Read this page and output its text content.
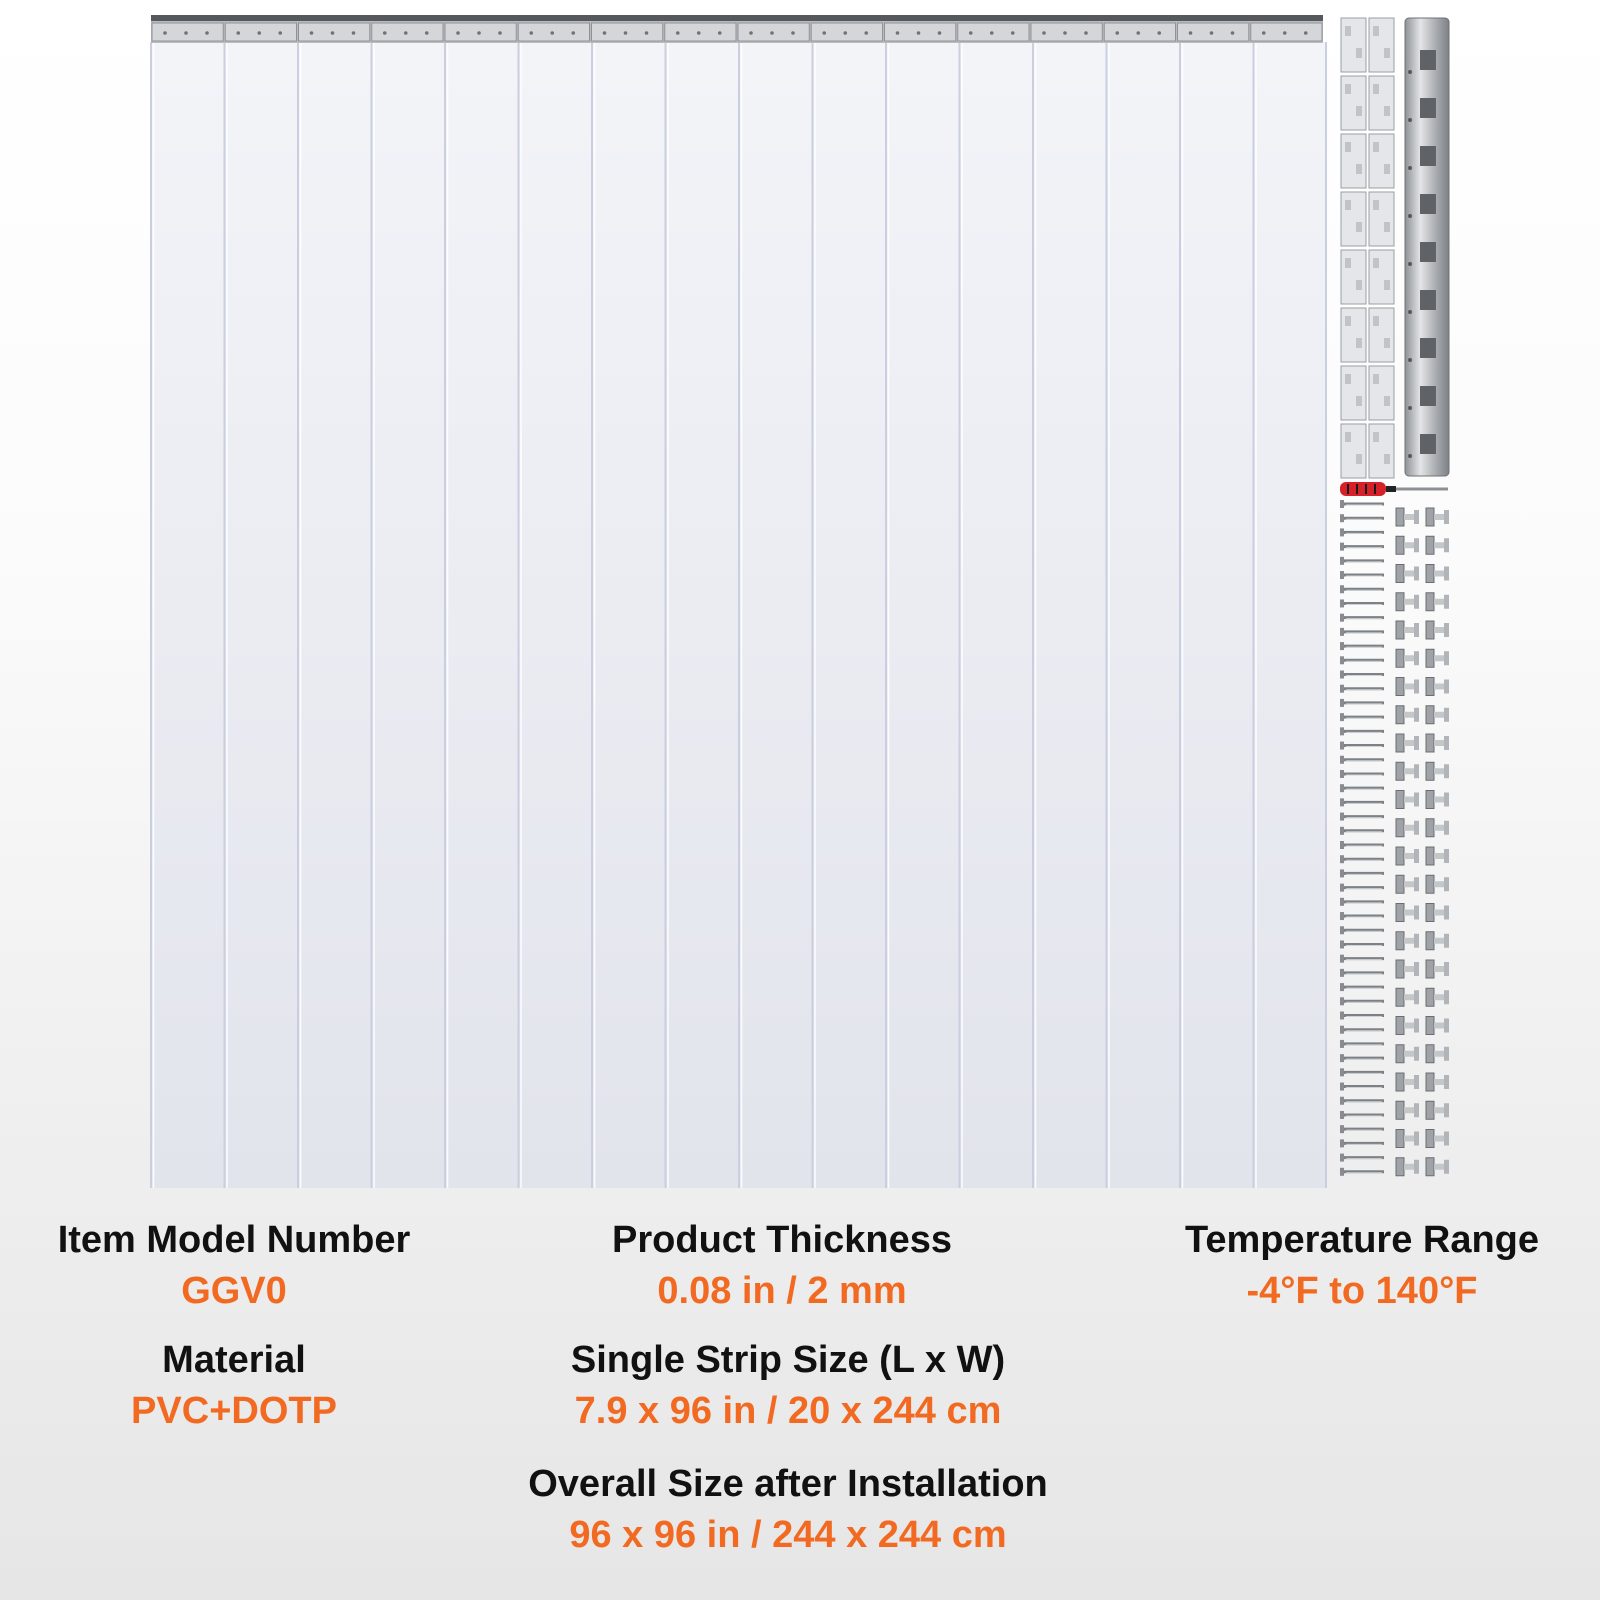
Item Model Number
GGV0
Product Thickness
0.08 in / 2 mm
Temperature Range
-4°F to 140°F
Material
PVC+DOTP
Single Strip Size (L x W)
7.9 x 96 in / 20 x 244 cm
Overall Size after Installation
96 x 96 in / 244 x 244 cm
